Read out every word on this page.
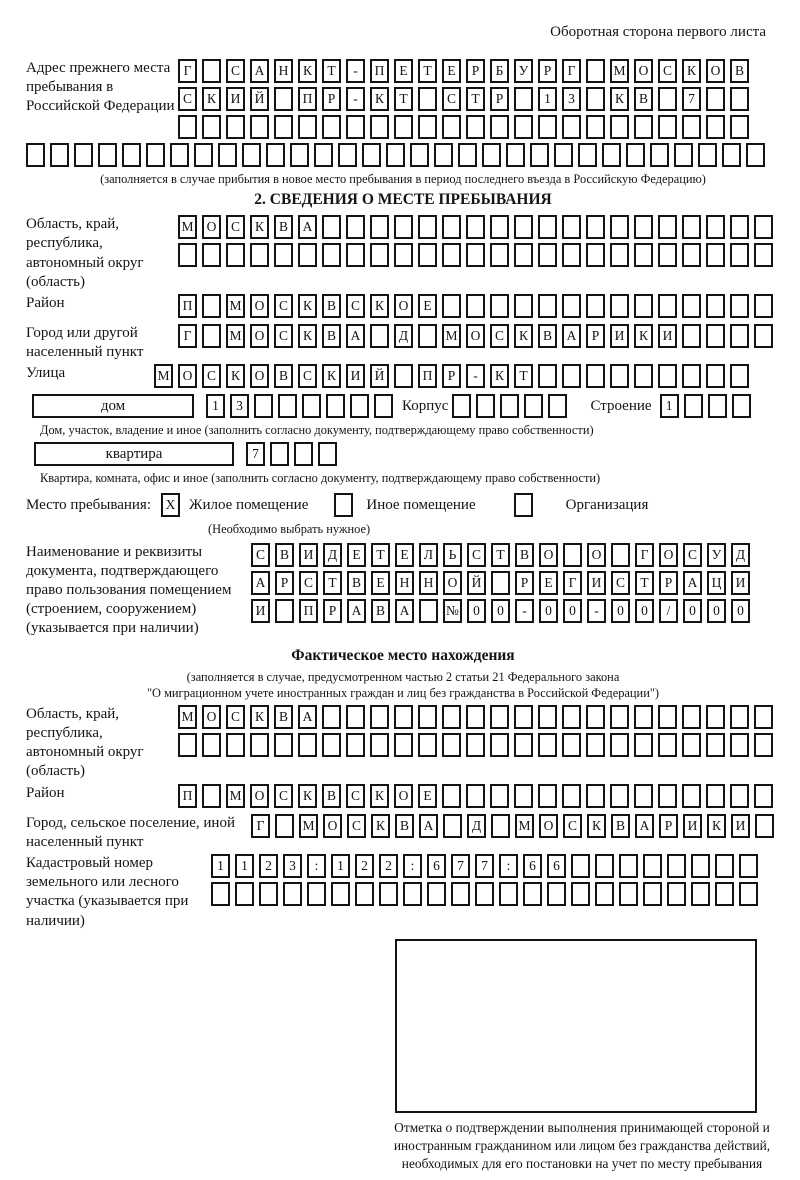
Оборотная сторона первого листа
Адрес прежнего места пребывания в Российской Федерации
Г	С	А	Н	К	Т	-	П	Е	Т	Е	Р	Б	У	Р	Г	М О	С	К	О	В
С	К	И	Й	П	Р	-	К	Т	С	Т	Р	1	3	К	В	7
(заполняется в случае прибытия в новое место пребывания в период последнего въезда в Российскую Федерацию)
2. СВЕДЕНИЯ О МЕСТЕ ПРЕБЫВАНИЯ
Область, край, республика, автономный округ (область)
М О	С	К	В	А
Район	П	М О	С	К	В	С	К	О	Е
Город или другой населенный пункт
Г	М О	С	К	В	А	Д	М О	С	К	В	А	Р	И	К	И
Улица	М О	С	К	О	В	С	К	И	Й	П	Р	-	К	Т
дом	1	3	Корпус	Строение	1
Дом, участок, владение и иное (заполнить согласно документу, подтверждающему право собственности)
квартира	7
Квартира, комната, офис и иное (заполнить согласно документу, подтверждающему право собственности)
Место пребывания:	X Жилое помещение	Иное помещение	Организация
(Необходимо выбрать нужное)
Наименование и реквизиты документа, подтверждающего право пользования помещением (строением, сооружением) (указывается при наличии)
С	В	И	Д	Е	Т	Е	Л	Ь	С	Т	В	О	О	Г	О	С	У	Д
А	Р	С	Т	В	Е	Н	Н	О	Й	Р	Е	Г	И	С	Т	Р	А	Ц	И
И	П	Р	А	В	А	№	0	0	-	0	0	-	0	0	/	0	0	0
Фактическое место нахождения
(заполняется в случае, предусмотренном частью 2 статьи 21 Федерального закона
"О миграционном учете иностранных граждан и лиц без гражданства в Российской Федерации")
Область, край, республика, автономный округ (область)
М О	С	К	В	А
Район	П	М О	С	К	В	С	К	О	Е
Город, сельское поселение, иной населенный пункт
Г	М О	С	К	В	А	Д	М О	С	К	В	А	Р	И	К	И
Кадастровый номер земельного или лесного участка (указывается при наличии)
1	1	2	3	:	1	2	2	:	6	7	7	:	6	6
Отметка о подтверждении выполнения принимающей стороной и иностранным гражданином или лицом без гражданства действий, необходимых для его постановки на учет по месту пребывания
